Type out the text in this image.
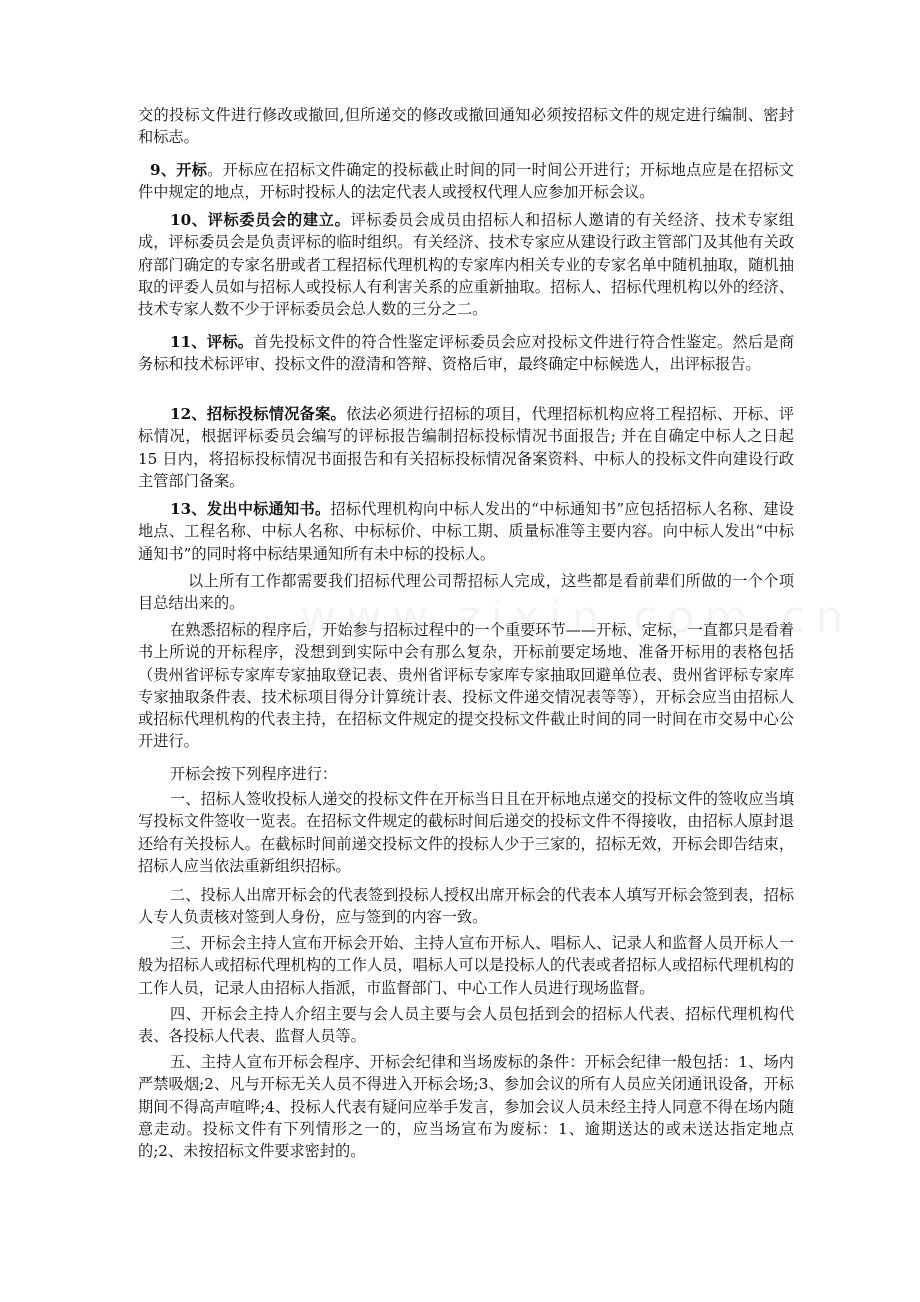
交的投标文件进行修改或撤回,但所递交的修改或撤回通知必须按招标文件的规定进行编制、密封和标志。

9、开标。开标应在招标文件确定的投标截止时间的同一时间公开进行；开标地点应是在招标文件中规定的地点，开标时投标人的法定代表人或授权代理人应参加开标会议。

10、评标委员会的建立。评标委员会成员由招标人和招标人邀请的有关经济、技术专家组成，评标委员会是负责评标的临时组织。有关经济、技术专家应从建设行政主管部门及其他有关政府部门确定的专家名册或者工程招标代理机构的专家库内相关专业的专家名单中随机抽取，随机抽取的评委人员如与招标人或投标人有利害关系的应重新抽取。招标人、招标代理机构以外的经济、技术专家人数不少于评标委员会总人数的三分之二。

11、评标。首先投标文件的符合性鉴定评标委员会应对投标文件进行符合性鉴定。然后是商务标和技术标评审、投标文件的澄清和答辩、资格后审，最终确定中标候选人，出评标报告。

12、招标投标情况备案。依法必须进行招标的项目，代理招标机构应将工程招标、开标、评标情况，根据评标委员会编写的评标报告编制招标投标情况书面报告; 并在自确定中标人之日起 15 日内，将招标投标情况书面报告和有关招标投标情况备案资料、中标人的投标文件向建设行政主管部门备案。

13、发出中标通知书。招标代理机构向中标人发出的“中标通知书”应包括招标人名称、建设地点、工程名称、中标人名称、中标标价、中标工期、质量标准等主要内容。向中标人发出“中标通知书”的同时将中标结果通知所有未中标的投标人。

以上所有工作都需要我们招标代理公司帮招标人完成，这些都是看前辈们所做的一个个项目总结出来的。

在熟悉招标的程序后，开始参与招标过程中的一个重要环节——开标、定标，一直都只是看着书上所说的开标程序，没想到到实际中会有那么复杂，开标前要定场地、准备开标用的表格包括（贵州省评标专家库专家抽取登记表、贵州省评标专家库专家抽取回避单位表、贵州省评标专家库专家抽取条件表、技术标项目得分计算统计表、投标文件递交情况表等等），开标会应当由招标人或招标代理机构的代表主持，在招标文件规定的提交投标文件截止时间的同一时间在市交易中心公开进行。

开标会按下列程序进行：

一、招标人签收投标人递交的投标文件在开标当日且在开标地点递交的投标文件的签收应当填写投标文件签收一览表。在招标文件规定的截标时间后递交的投标文件不得接收，由招标人原封退还给有关投标人。在截标时间前递交投标文件的投标人少于三家的，招标无效，开标会即告结束，招标人应当依法重新组织招标。

二、投标人出席开标会的代表签到投标人授权出席开标会的代表本人填写开标会签到表，招标人专人负责核对签到人身份，应与签到的内容一致。

三、开标会主持人宣布开标会开始、主持人宣布开标人、唱标人、记录人和监督人员开标人一般为招标人或招标代理机构的工作人员，唱标人可以是投标人的代表或者招标人或招标代理机构的工作人员，记录人由招标人指派，市监督部门、中心工作人员进行现场监督。

四、开标会主持人介绍主要与会人员主要与会人员包括到会的招标人代表、招标代理机构代表、各投标人代表、监督人员等。

五、主持人宣布开标会程序、开标会纪律和当场废标的条件：开标会纪律一般包括：1、场内严禁吸烟;2、凡与开标无关人员不得进入开标会场;3、参加会议的所有人员应关闭通讯设备，开标期间不得高声喧哗;4、投标人代表有疑问应举手发言，参加会议人员未经主持人同意不得在场内随意走动。投标文件有下列情形之一的，应当场宣布为废标：1、逾期送达的或未送达指定地点的;2、未按招标文件要求密封的。
